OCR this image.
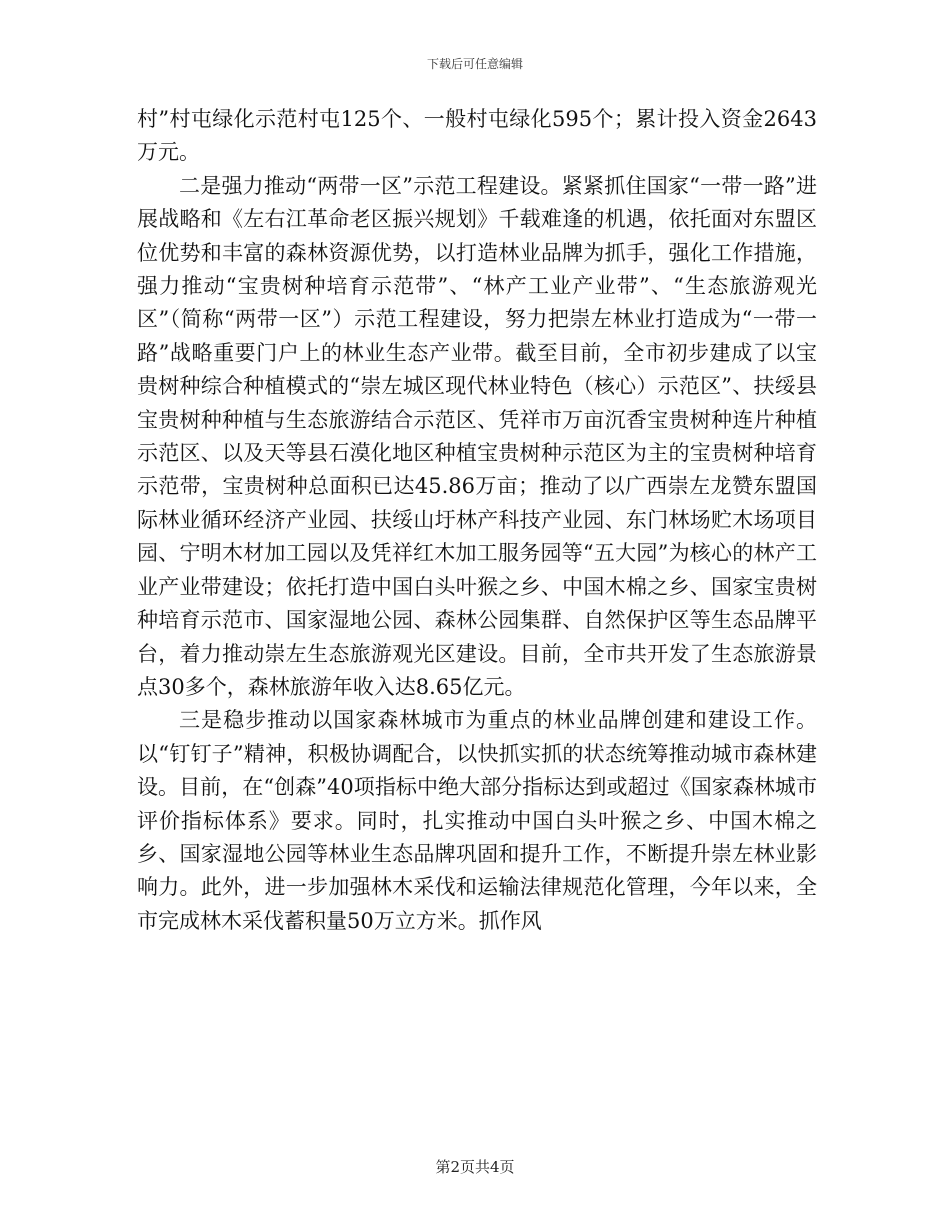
下载后可任意编辑

村”村屯绿化示范村屯125个、一般村屯绿化595个；累计投入资金2643万元。

二是强力推动“两带一区”示范工程建设。紧紧抓住国家“一带一路”进展战略和《左右江革命老区振兴规划》千载难逢的机遇，依托面对东盟区位优势和丰富的森林资源优势，以打造林业品牌为抓手，强化工作措施，强力推动“宝贵树种培育示范带”、“林产工业产业带”、“生态旅游观光区”（简称“两带一区”）示范工程建设，努力把崇左林业打造成为“一带一路”战略重要门户上的林业生态产业带。截至目前，全市初步建成了以宝贵树种综合种植模式的“崇左城区现代林业特色（核心）示范区”、扶绥县宝贵树种种植与生态旅游结合示范区、凭祥市万亩沉香宝贵树种连片种植示范区、以及天等县石漠化地区种植宝贵树种示范区为主的宝贵树种培育示范带，宝贵树种总面积已达45.86万亩；推动了以广西崇左龙赞东盟国际林业循环经济产业园、扶绥山圩林产科技产业园、东门林场贮木场项目园、宁明木材加工园以及凭祥红木加工服务园等“五大园”为核心的林产工业产业带建设；依托打造中国白头叶猴之乡、中国木棉之乡、国家宝贵树种培育示范市、国家湿地公园、森林公园集群、自然保护区等生态品牌平台，着力推动崇左生态旅游观光区建设。目前，全市共开发了生态旅游景点30多个，森林旅游年收入达8.65亿元。

三是稳步推动以国家森林城市为重点的林业品牌创建和建设工作。以“钉钉子”精神，积极协调配合，以快抓实抓的状态统筹推动城市森林建设。目前，在“创森”40项指标中绝大部分指标达到或超过《国家森林城市评价指标体系》要求。同时，扎实推动中国白头叶猴之乡、中国木棉之乡、国家湿地公园等林业生态品牌巩固和提升工作，不断提升崇左林业影响力。此外，进一步加强林木采伐和运输法律规范化管理，今年以来，全市完成林木采伐蓄积量50万立方米。抓作风

第2页共4页
